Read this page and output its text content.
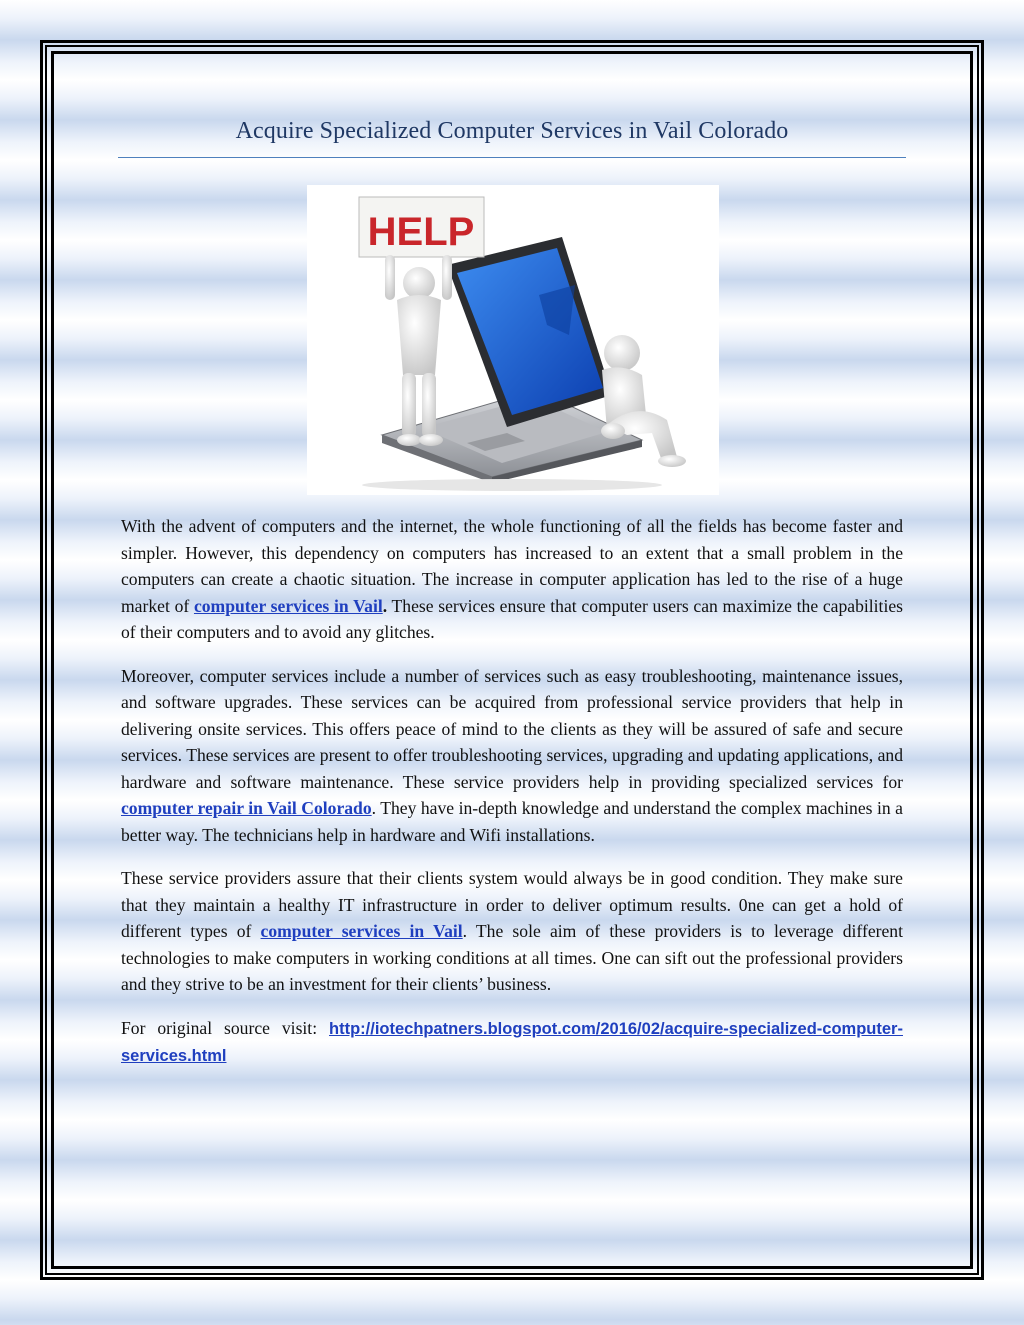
Acquire Specialized Computer Services in Vail Colorado
HELP

With the advent of computers and the internet, the whole functioning of all the fields has become faster and simpler. However, this dependency on computers has increased to an extent that a small problem in the computers can create a chaotic situation. The increase in computer application has led to the rise of a huge market of computer services in Vail. These services ensure that computer users can maximize the capabilities of their computers and to avoid any glitches.

Moreover, computer services include a number of services such as easy troubleshooting, maintenance issues, and software upgrades. These services can be acquired from professional service providers that help in delivering onsite services. This offers peace of mind to the clients as they will be assured of safe and secure services. These services are present to offer troubleshooting services, upgrading and updating applications, and hardware and software maintenance. These service providers help in providing specialized services for computer repair in Vail Colorado. They have in-depth knowledge and understand the complex machines in a better way. The technicians help in hardware and Wifi installations.

These service providers assure that their clients system would always be in good condition. They make sure that they maintain a healthy IT infrastructure in order to deliver optimum results. 0ne can get a hold of different types of computer services in Vail. The sole aim of these providers is to leverage different technologies to make computers in working conditions at all times. One can sift out the professional providers and they strive to be an investment for their clients’ business.

For original source visit: http://iotechpatners.blogspot.com/2016/02/acquire-specialized-computer-services.html
